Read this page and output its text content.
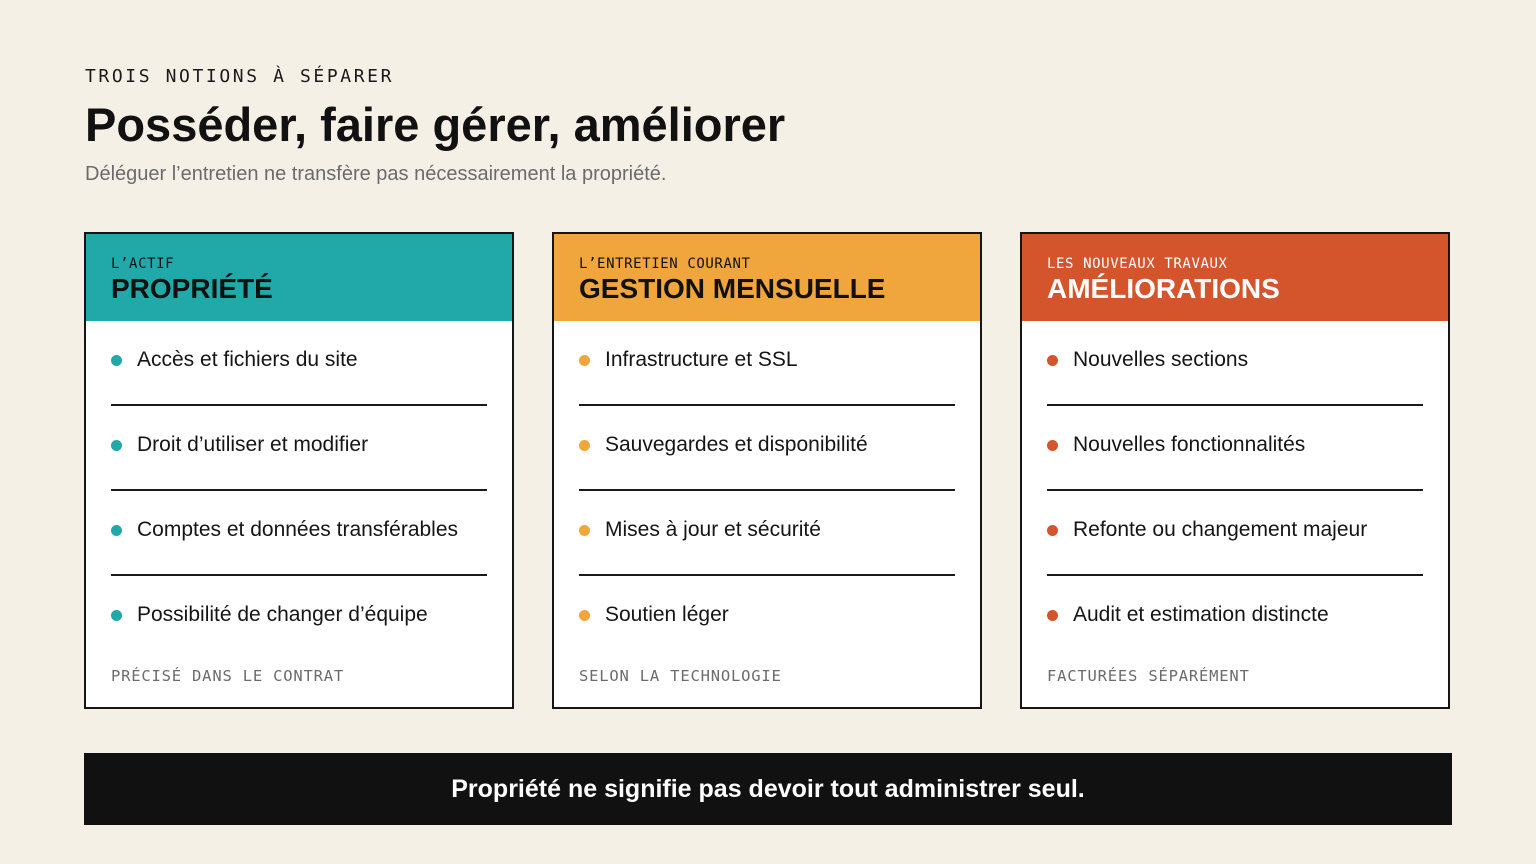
TROIS NOTIONS À SÉPARER
Posséder, faire gérer, améliorer
Déléguer l’entretien ne transfère pas nécessairement la propriété.
L’ACTIF
PROPRIÉTÉ
Accès et fichiers du site
Droit d’utiliser et modifier
Comptes et données transférables
Possibilité de changer d’équipe
PRÉCISÉ DANS LE CONTRAT
L’ENTRETIEN COURANT
GESTION MENSUELLE
Infrastructure et SSL
Sauvegardes et disponibilité
Mises à jour et sécurité
Soutien léger
SELON LA TECHNOLOGIE
LES NOUVEAUX TRAVAUX
AMÉLIORATIONS
Nouvelles sections
Nouvelles fonctionnalités
Refonte ou changement majeur
Audit et estimation distincte
FACTURÉES SÉPARÉMENT
Propriété ne signifie pas devoir tout administrer seul.
